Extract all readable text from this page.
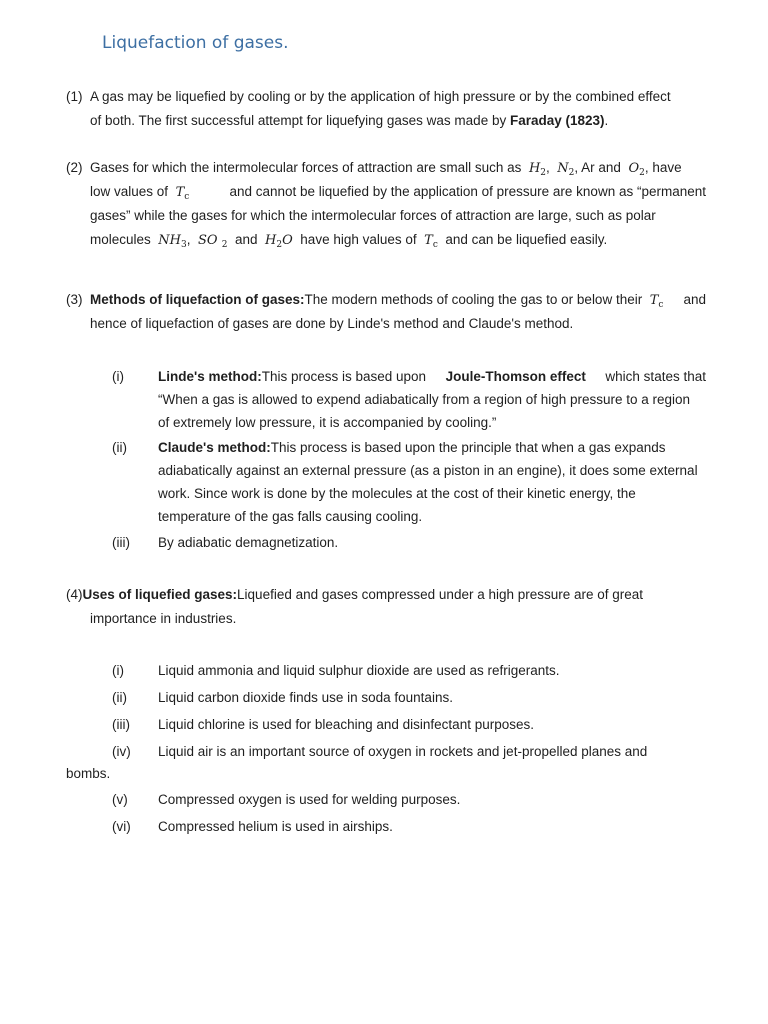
Liquefaction of gases.
(1) A gas may be liquefied by cooling or by the application of high pressure or by the combined effect
of both. The first successful attempt for liquefying gases was made by Faraday (1823).
(2) Gases for which the intermolecular forces of attraction are small such as $H_2$,  $N_2$, Ar and $O_2$, have
low values of $T_c$	and cannot be liquefied by the application of pressure are known as “permanent
gases” while the gases for which the intermolecular forces of attraction are large, such as polar
molecules $NH_3$,  SO $_2$ and $H_2O$ have high values of $T_c$ and can be liquefied easily.
(3) Methods of liquefaction of gases:The modern methods of cooling the gas to or below their $T_c$ and
hence of liquefaction of gases are done by Linde's method and Claude's method.
(i)	Linde's method:This process is based upon Joule-Thomson effect which states that
“When a gas is allowed to expend adiabatically from a region of high pressure to a region
of extremely low pressure, it is accompanied by cooling.”
(ii)	Claude's method:This process is based upon the principle that when a gas expands
adiabatically against an external pressure (as a piston in an engine), it does some external
work. Since work is done by the molecules at the cost of their kinetic energy, the
temperature of the gas falls causing cooling.
(iii)	By adiabatic demagnetization.
(4)Uses of liquefied gases:Liquefied and gases compressed under a high pressure are of great
importance in industries.
(i)	Liquid ammonia and liquid sulphur dioxide are used as refrigerants.
(ii)	Liquid carbon dioxide finds use in soda fountains.
(iii)	Liquid chlorine is used for bleaching and disinfectant purposes.
(iv)	Liquid air is an important source of oxygen in rockets and jet-propelled planes and
bombs.
(v)	Compressed oxygen is used for welding purposes.
(vi)	Compressed helium is used in airships.
